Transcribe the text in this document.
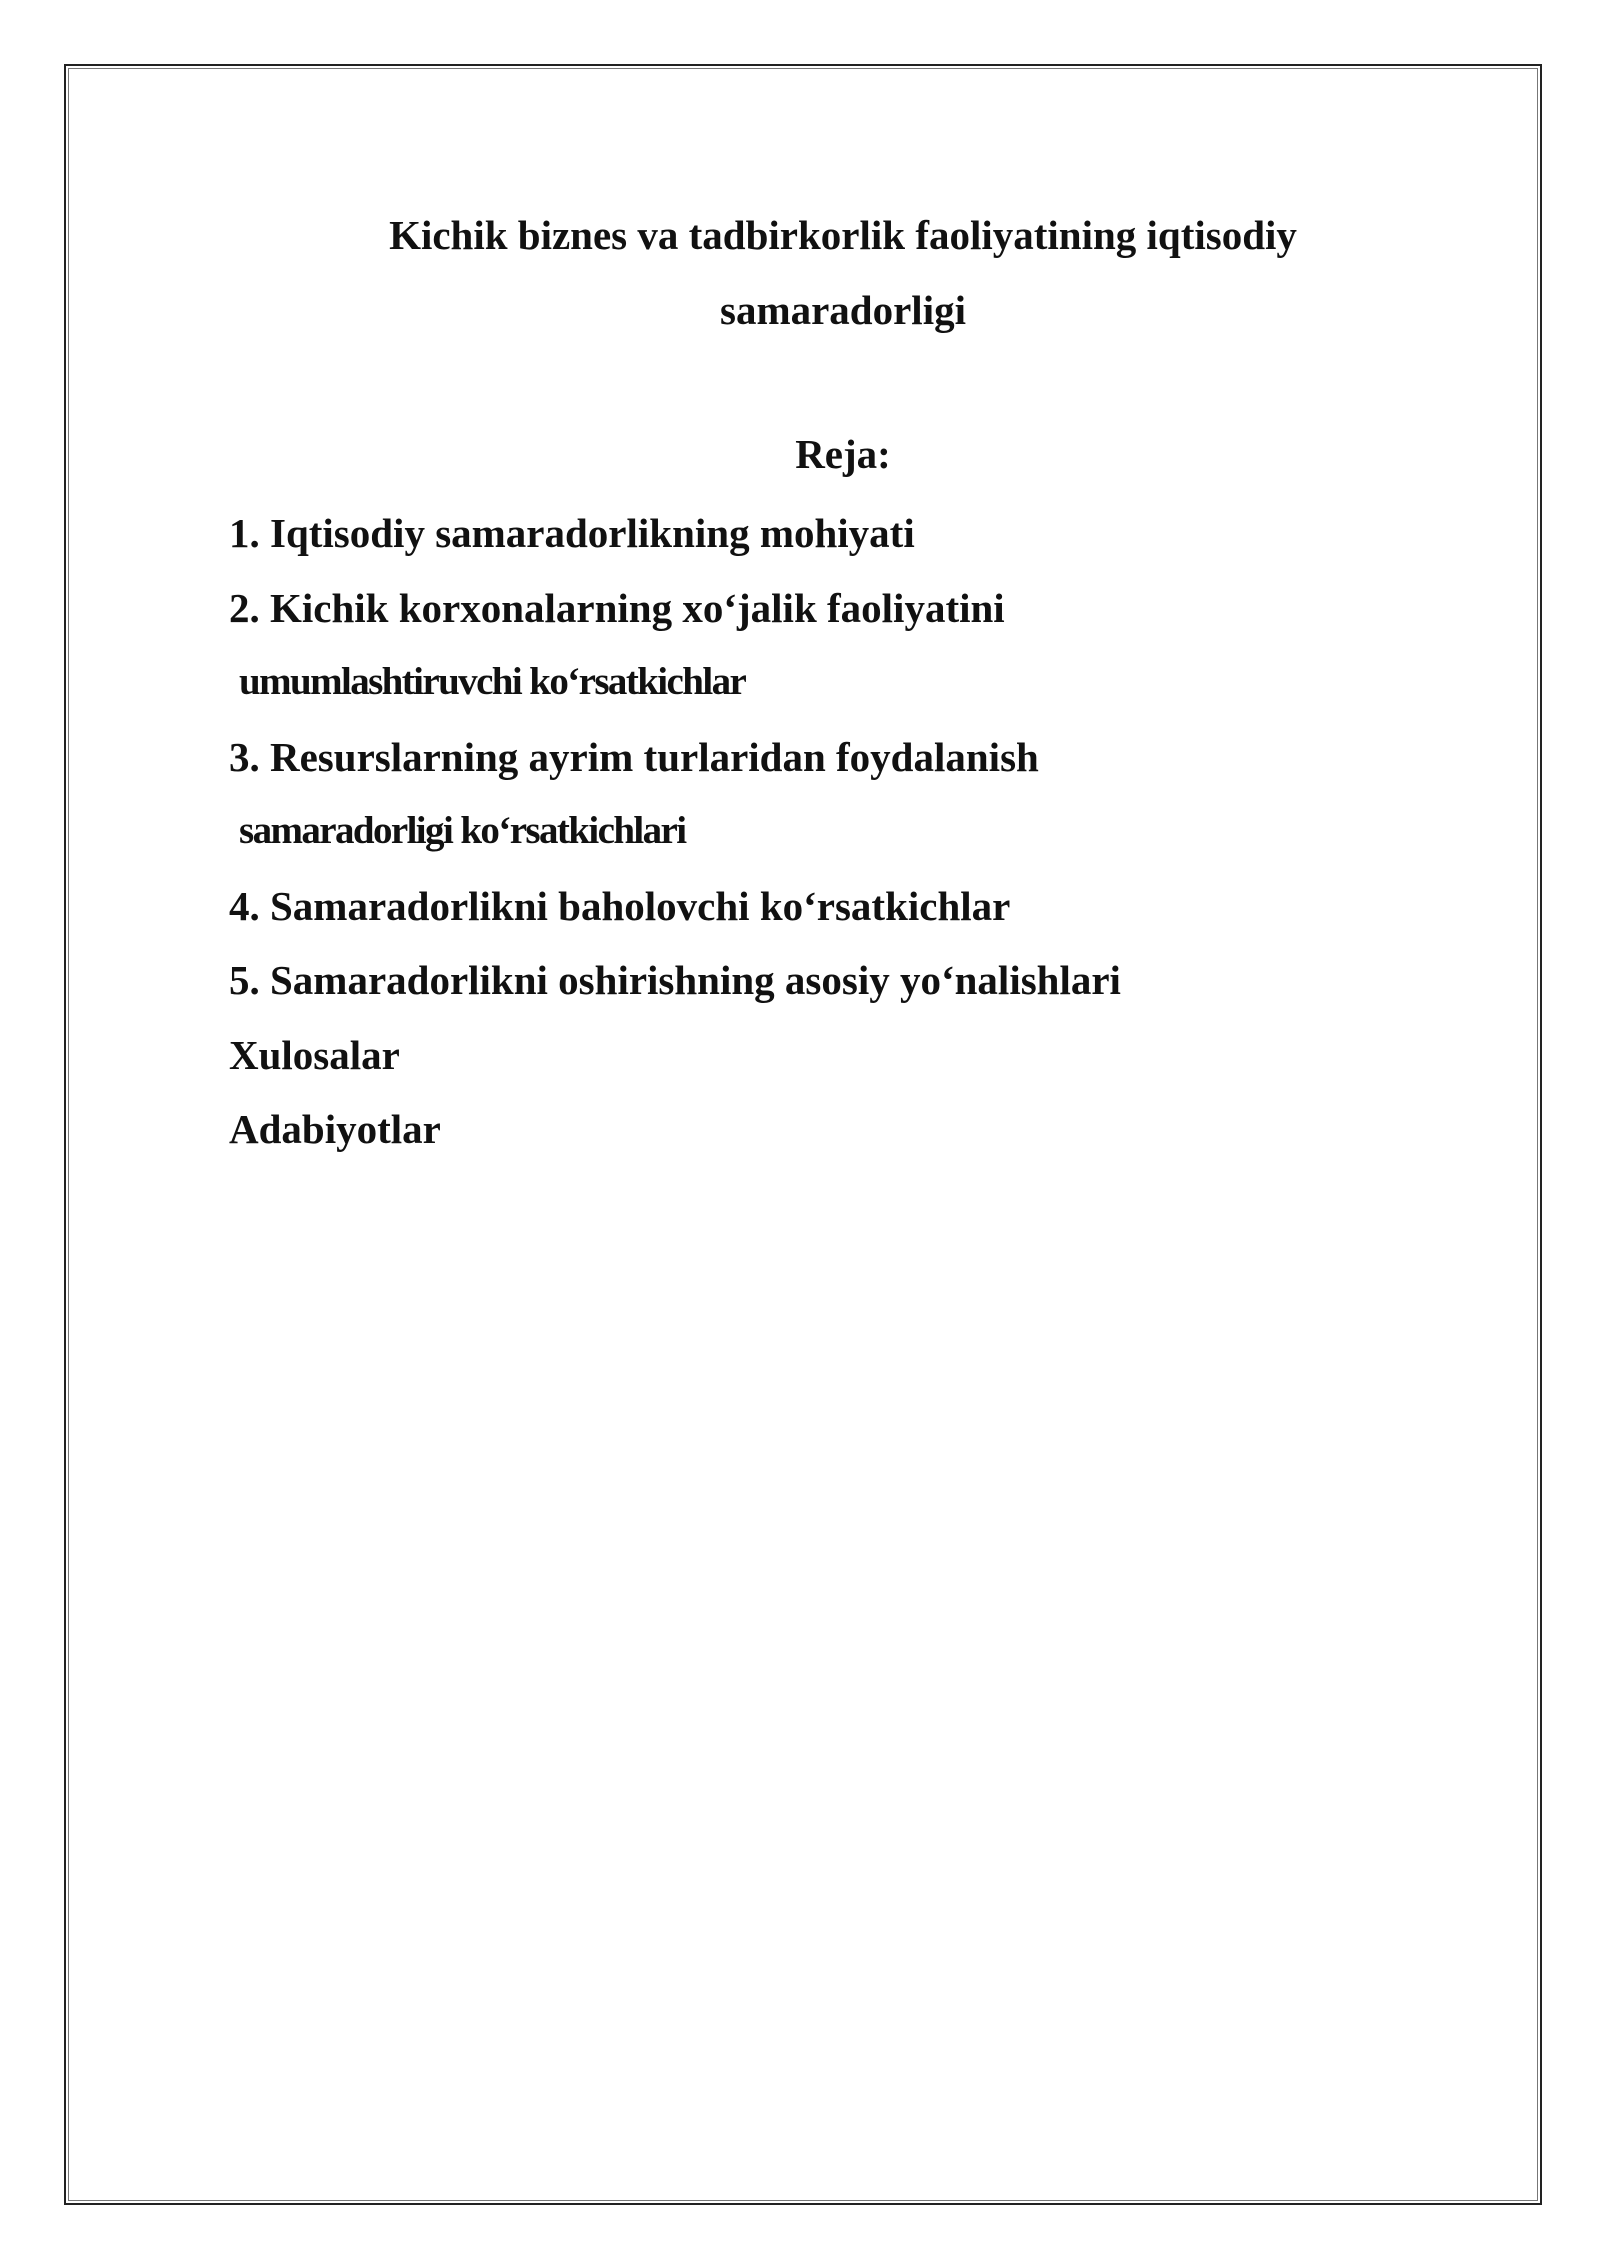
Kichik biznes va tadbirkorlik faoliyatining iqtisodiy
samaradorligi
Reja:
1. Iqtisodiy samaradorlikning mohiyati
2. Kichik korxonalarning xo‘jalik faoliyatini
umumlashtiruvchi ko‘rsatkichlar
3. Resurslarning ayrim turlaridan foydalanish
samaradorligi ko‘rsatkichlari
4. Samaradorlikni baholovchi ko‘rsatkichlar
5. Samaradorlikni oshirishning asosiy yo‘nalishlari
Xulosalar
Adabiyotlar
